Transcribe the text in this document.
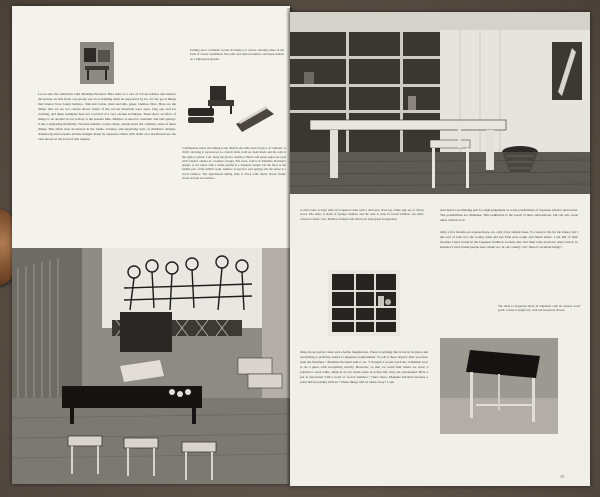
Folding stool. Cushions woven in bamboo or canvas. Nesting tables in the form of 'stools' assembled. The arms and chair in bamboo and black stained on a light green ground.

Let us turn the exhibition with Madame Perriand. Here there is a rare of woven textiles and interior decoration. In this field, one group was in everything must be supported by its, for the good things that interior have found bamboo. Silk and cotton, must and silk, paper, bamboo fibre. Here are the things that are are not certain about. Some of the woven materials were seen, long ago and for clothing, and these examples here are a revival of a very ancient technique. These show an effort of things to an ancient in our society at the present time. Bamboo is used for armchair and ball springs: it has a surprising flexibility. Wooden utensils, round chests, stands about the common value of these things. This affair took an interest in the forms, textures, and surprising sorts of children's designs. Armstrong and lacquers and the designs made by Japanese callers with chalk on a blackboard are the ones shown at the front of this display.

Combination settee and dining-room. Bench and table used in place of cushions. A child's drawing is reproduced as a bench table, both are hand made and the wall at the right is yellow. Left, hung the gloves, bamboo blinds with green edges are used with window shades in a bamboo design. The back, wall is in Madame Perriand's design. A red carpet with a white ground is a Japanese design. On the floor at the further part of the exhibit room, bamboo is used for sofa springs and the settee is a wood bamboo. The upholstered dining table is black with cherry brown finish, stools in front are bamboo.

A club room. A large table of lacquered cedar with a dark grey draw-top. Table legs are of cherry wood. The chair, is made of sponge, bamboo and the cane is done in woven bamboo. An earth-colored ceramic vase. Bamboo-framed wall shelves in dark green background.

And here is an amusing part for rigid judgement as to the possibilities of Japanese interior decoration. The possibilities are immense. This exhibition is the result of their explorations, but can also work ideas of their own.

Only a few models are exposed here, no, only a few simple ideas. To create in life for the future, but I am told of both two the young artist and her Fine Arts rough and finish tables. I am full of faith because I have found in the Japanese tradition workers also live their taste and have done with it, in Instance I have found people here whom we, in our country call "men of excellent things".

The table is lacquered black in emphasis with its natural wood grain. Corner is bright red, with red-lacquered drawer.

thing shows perfect taste and a fertile imagination. There is nothing that is not in its place and everything is perfectly suited to Japanese requirements. "Look at these objects after you have seen the furniture," Madame Perriand said to us. "I thought I would teach the craftsmen how to do a piece with everything exactly. However, so that we could find where we were, I pointed to each value. Objects do not stand alone in actual life, they are surrounded. Here a pot is associated with a bowl of woven bamboo." Once more, Madame Perriand stresses a point before parting with us: "These things will be taken away." I ask

15
